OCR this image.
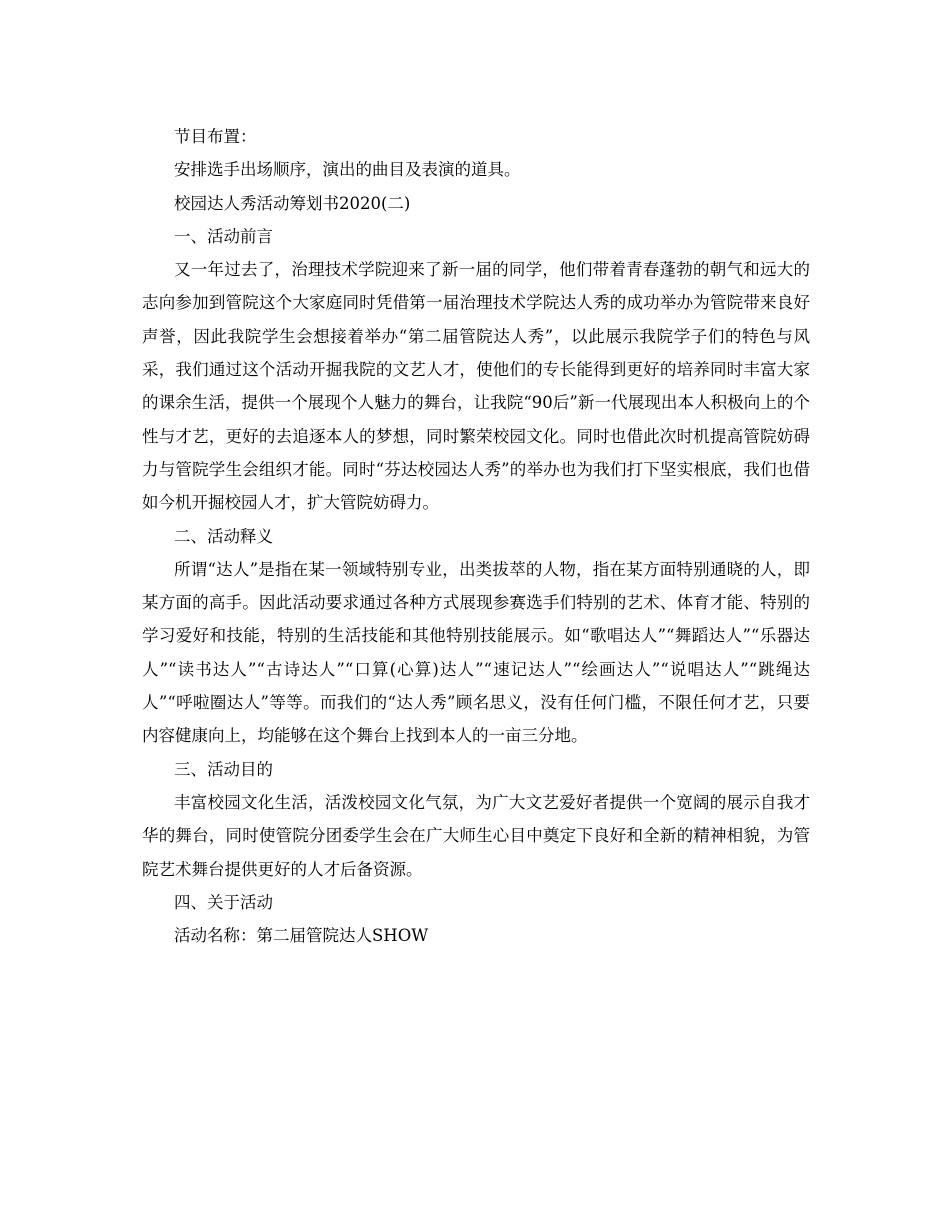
节目布置：

安排选手出场顺序，演出的曲目及表演的道具。

校园达人秀活动筹划书2020(二)

一、活动前言

又一年过去了，治理技术学院迎来了新一届的同学，他们带着青春蓬勃的朝气和远大的志向参加到管院这个大家庭同时凭借第一届治理技术学院达人秀的成功举办为管院带来良好声誉，因此我院学生会想接着举办“第二届管院达人秀”，以此展示我院学子们的特色与风采，我们通过这个活动开掘我院的文艺人才，使他们的专长能得到更好的培养同时丰富大家的课余生活，提供一个展现个人魅力的舞台，让我院“90后”新一代展现出本人积极向上的个性与才艺，更好的去追逐本人的梦想，同时繁荣校园文化。同时也借此次时机提高管院妨碍力与管院学生会组织才能。同时“芬达校园达人秀”的举办也为我们打下坚实根底，我们也借如今机开掘校园人才，扩大管院妨碍力。

二、活动释义

所谓“达人”是指在某一领域特别专业，出类拔萃的人物，指在某方面特别通晓的人，即某方面的高手。因此活动要求通过各种方式展现参赛选手们特别的艺术、体育才能、特别的学习爱好和技能，特别的生活技能和其他特别技能展示。如“歌唱达人”“舞蹈达人”“乐器达人”“读书达人”“古诗达人”“口算(心算)达人”“速记达人”“绘画达人”“说唱达人”“跳绳达人”“呼啦圈达人”等等。而我们的“达人秀”顾名思义，没有任何门槛，不限任何才艺，只要内容健康向上，均能够在这个舞台上找到本人的一亩三分地。

三、活动目的

丰富校园文化生活，活泼校园文化气氛，为广大文艺爱好者提供一个宽阔的展示自我才华的舞台，同时使管院分团委学生会在广大师生心目中奠定下良好和全新的精神相貌，为管院艺术舞台提供更好的人才后备资源。

四、关于活动

活动名称：第二届管院达人SHOW
